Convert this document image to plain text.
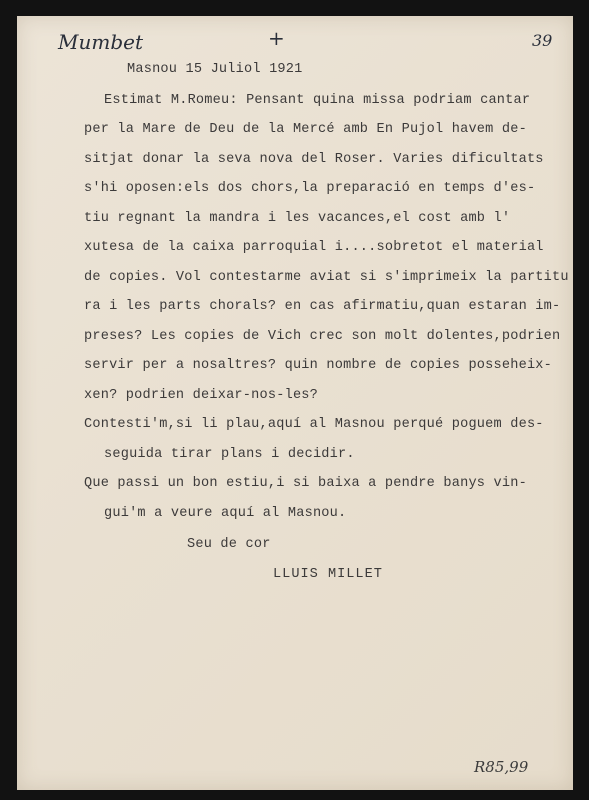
Mumbet	+	39
Masnou 15 Juliol 1921
Estimat M.Romeu: Pensant quina missa podriam cantar
per la Mare de Deu de la Mercé amb En Pujol havem de-
sitjat donar la seva nova del Roser. Varies dificultats
s'hi oposen:els dos chors,la preparació en temps d'es-
tiu regnant la mandra i les vacances,el cost amb l'
xutesa de la caixa parroquial i....sobretot el material
de copies. Vol contestarme aviat si s'imprimeix la partitu
ra i les parts chorals? en cas afirmatiu,quan estaran im-
preses? Les copies de Vich crec son molt dolentes,podrien
servir per a nosaltres? quin nombre de copies posseheix-
xen? podrien deixar-nos-les?
Contesti'm,si li plau,aquí al Masnou perqué poguem des-
seguida tirar plans i decidir.
Que passi un bon estiu,i si baixa a pendre banys vin-
gui'm a veure aquí al Masnou.
Seu de cor
LLUIS MILLET
R85,99
